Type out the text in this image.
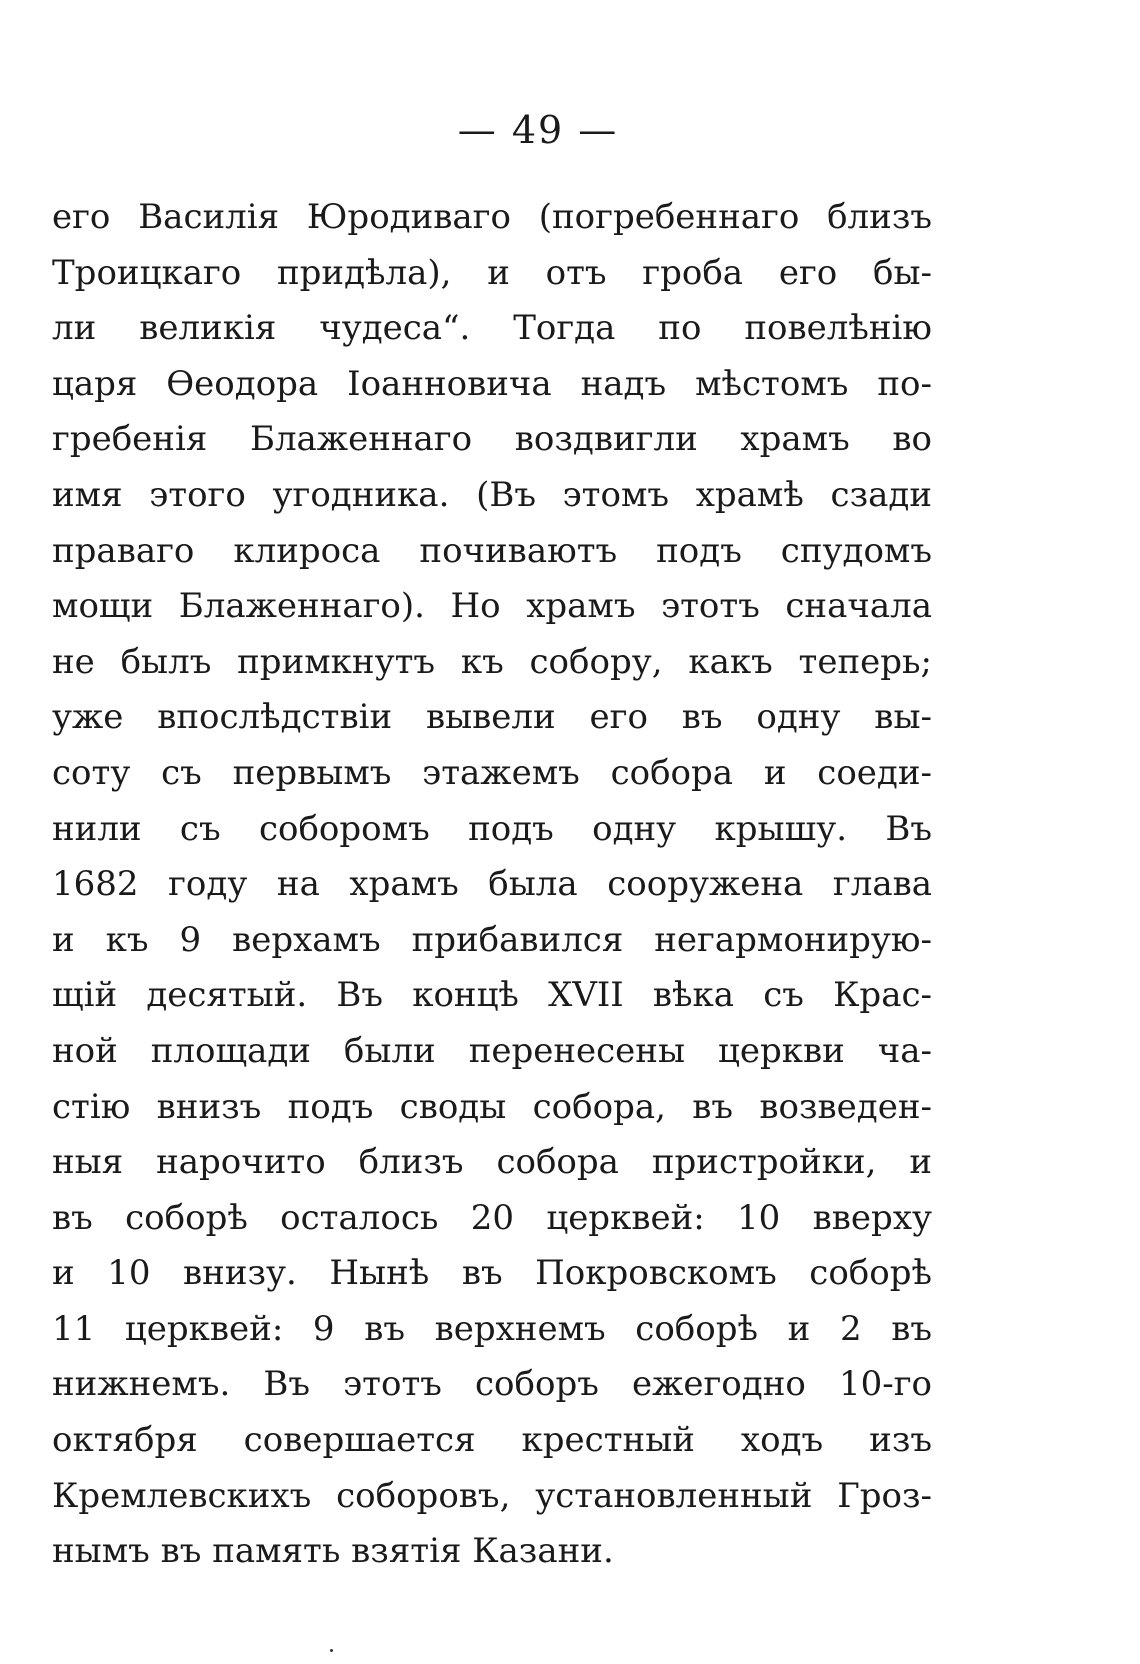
— 49 —
его Василія Юродиваго (погребеннаго близъ
Троицкаго придѣла), и отъ гроба его бы-
ли великія чудеса“. Тогда по повелѣнію
царя Ѳеодора Іоанновича надъ мѣстомъ по-
гребенія Блаженнаго воздвигли храмъ во
имя этого угодника. (Въ этомъ храмѣ сзади
праваго клироса почиваютъ подъ спудомъ
мощи Блаженнаго). Но храмъ этотъ сначала
не былъ примкнутъ къ собору, какъ теперь;
уже впослѣдствіи вывели его въ одну вы-
соту съ первымъ этажемъ собора и соеди-
нили съ соборомъ подъ одну крышу. Въ
1682 году на храмъ была сооружена глава
и къ 9 верхамъ прибавился негармонирую-
щій десятый. Въ концѣ XVII вѣка съ Крас-
ной площади были перенесены церкви ча-
стію внизъ подъ своды собора, въ возведен-
ныя нарочито близъ собора пристройки, и
въ соборѣ осталось 20 церквей: 10 вверху
и 10 внизу. Нынѣ въ Покровскомъ соборѣ
11 церквей: 9 въ верхнемъ соборѣ и 2 въ
нижнемъ. Въ этотъ соборъ ежегодно 10-го
октября совершается крестный ходъ изъ
Кремлевскихъ соборовъ, установленный Гроз-
нымъ въ память взятія Казани.
